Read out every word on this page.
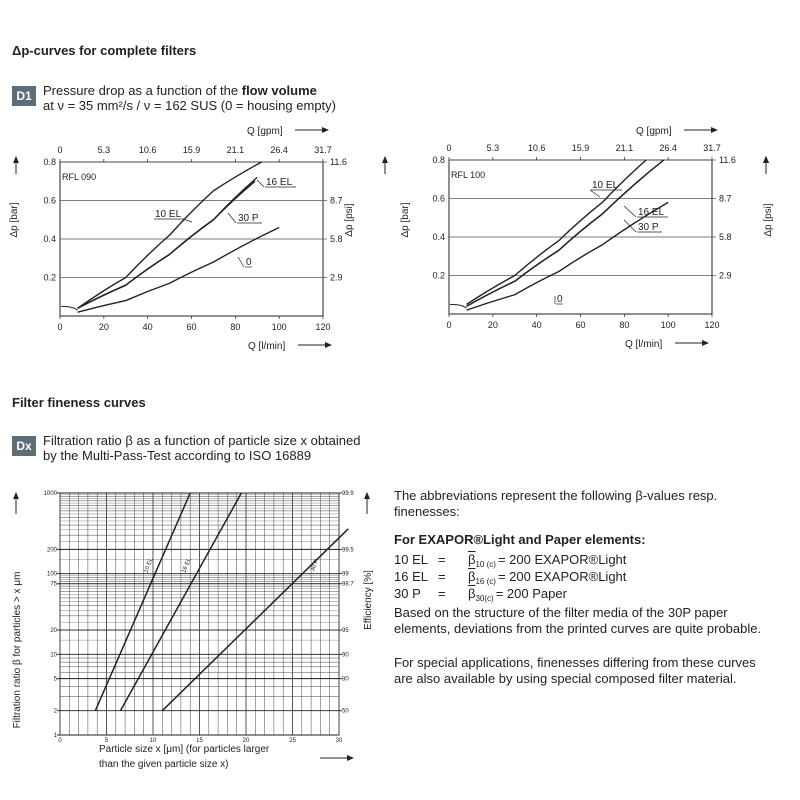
Δp-curves for complete filters
D1 Pressure drop as a function of the flow volume
at ν = 35 mm²/s / ν = 162 SUS (0 = housing empty)
Filter fineness curves
Dx Filtration ratio β as a function of particle size x obtained
by the Multi-Pass-Test according to ISO 16889
The abbreviations represent the following β-values resp.
finenesses:
For EXAPOR®Light and Paper elements:
10 EL =	$\overline{\beta}$ 10 (c) = 200 EXAPOR®Light
16 EL =	$\overline{\beta}$ 16 (c) = 200 EXAPOR®Light
30 P	=	$\overline{\beta}$ 30(c) = 200 Paper
Based on the structure of the filter media of the 30P paper
elements, deviations from the printed curves are quite probable.
For special applications, finenesses differing from these curves
are also available by using special composed filter material.
0.8	11.6
0.6	8.7
0.4	5.8
0.2	2.9
0
0
20
5.3
40
10.6
60
15.9
80
21.1
100
26.4
120
31.7
RFL 090	16 EL
10 EL	30 P
0
Q [gpm]
Q [l/min]
Δp [bar]	Δp [psi]
0.8	11.6
0.6	8.7
0.4	5.8
0.2	2.9
0
0
20
5.3
40
10.6
60
15.9
80
21.1
100
26.4
120
31.7
RFL 100
10 EL
16 EL
30 P
0
Q [gpm]
Q [l/min]
Δp [bar]	Δp [psi]
1000
200
100
75
20
10
5
2
1
99.9
99.5
99
98.7
95
90
80
50
0	5	10	15	20	25	30
10 EL	16 EL	30 P
Filtration ratio β for particles > x μm	Efficiency [%]
Particle size x [μm] (for particles larger
than the given particle size x)
